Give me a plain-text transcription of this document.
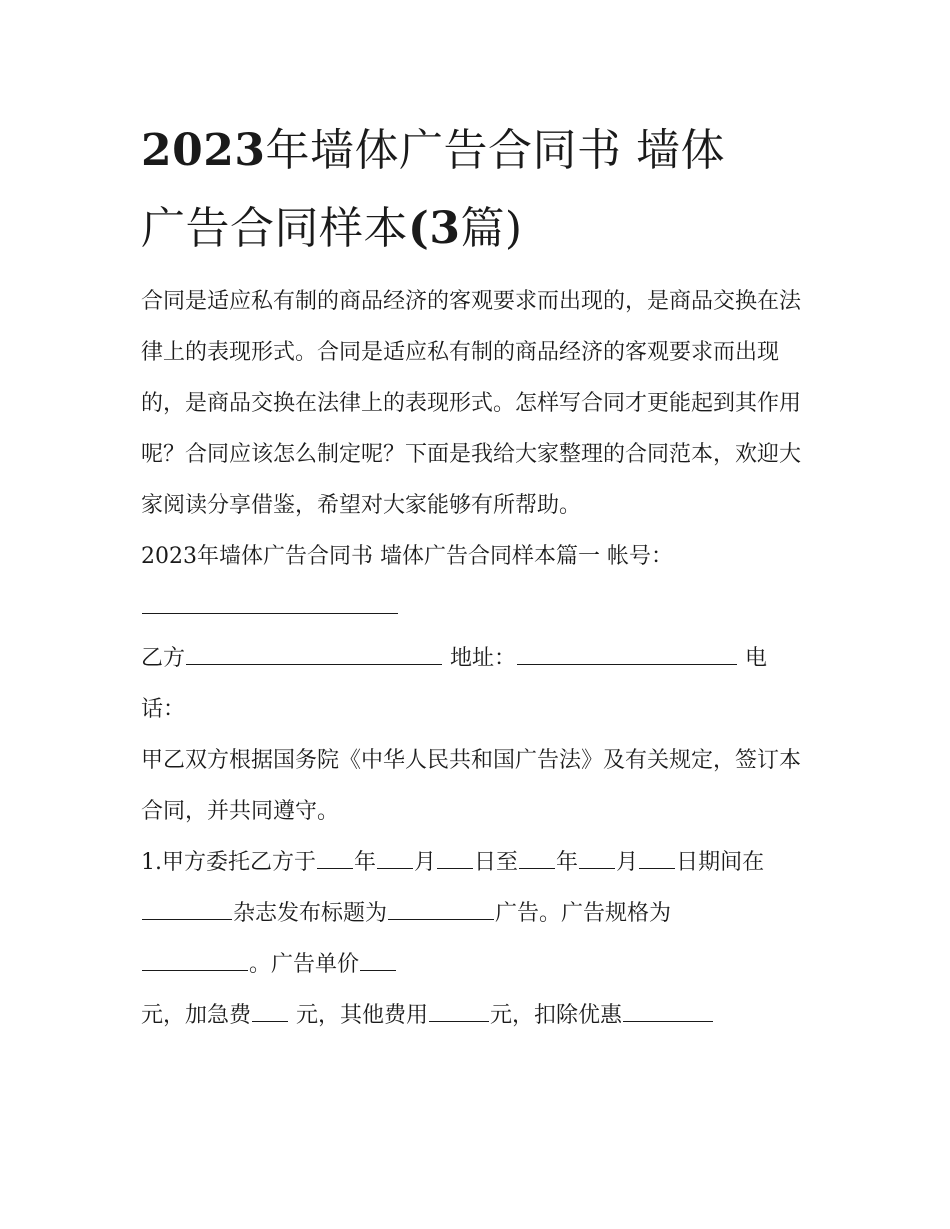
2023年墙体广告合同书 墙体
广告合同样本(3篇)

合同是适应私有制的商品经济的客观要求而出现的，是商品交换在法律上的表现形式。合同是适应私有制的商品经济的客观要求而出现的，是商品交换在法律上的表现形式。怎样写合同才更能起到其作用呢？合同应该怎么制定呢？下面是我给大家整理的合同范本，欢迎大家阅读分享借鉴，希望对大家能够有所帮助。

2023年墙体广告合同书 墙体广告合同样本篇一 帐号：

乙方	地址：	电

话：

甲乙双方根据国务院《中华人民共和国广告法》及有关规定，签订本合同，并共同遵守。

1.甲方委托乙方于 年 月 日至 年 月 日期间在
杂志发布标题为	广告。广告规格为
。广告单价
元，加急费 元，其他费用	元，扣除优惠
